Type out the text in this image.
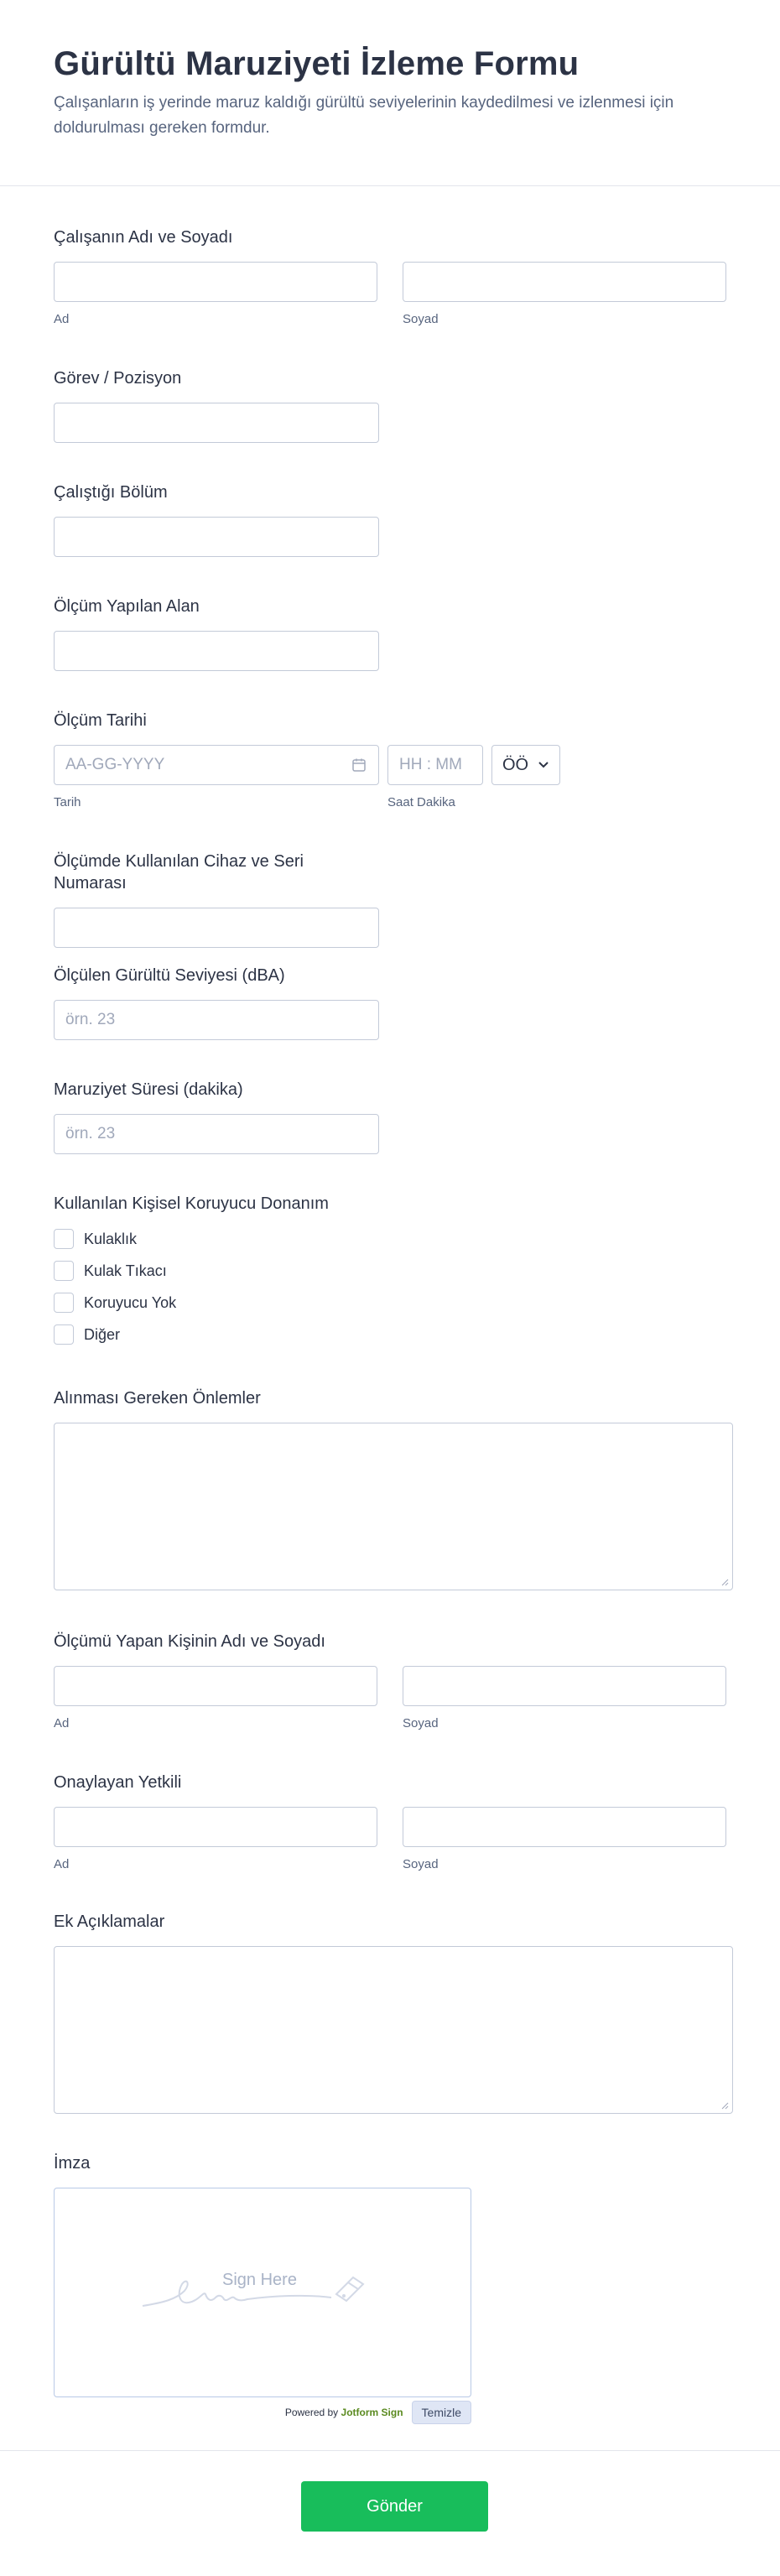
Gürültü Maruziyeti İzleme Formu

Çalışanların iş yerinde maruz kaldığı gürültü seviyelerinin kaydedilmesi ve izlenmesi için doldurulması gereken formdur.

Çalışanın Adı ve Soyadı
Ad	Soyad
Görev / Pozisyon
Çalıştığı Bölüm
Ölçüm Yapılan Alan
Ölçüm Tarihi
AA-GG-YYYY
Tarih
HH : MM
Saat Dakika
ÖÖ
Ölçümde Kullanılan Cihaz ve Seri Numarası
Ölçülen Gürültü Seviyesi (dBA)
örn. 23
Maruziyet Süresi (dakika)
örn. 23
Kullanılan Kişisel Koruyucu Donanım
Kulaklık
Kulak Tıkacı
Koruyucu Yok
Diğer
Alınması Gereken Önlemler
Ölçümü Yapan Kişinin Adı ve Soyadı
Ad	Soyad
Onaylayan Yetkili
Ad	Soyad
Ek Açıklamalar
İmza
Sign Here
Powered by Jotform Sign	Temizle
Gönder
